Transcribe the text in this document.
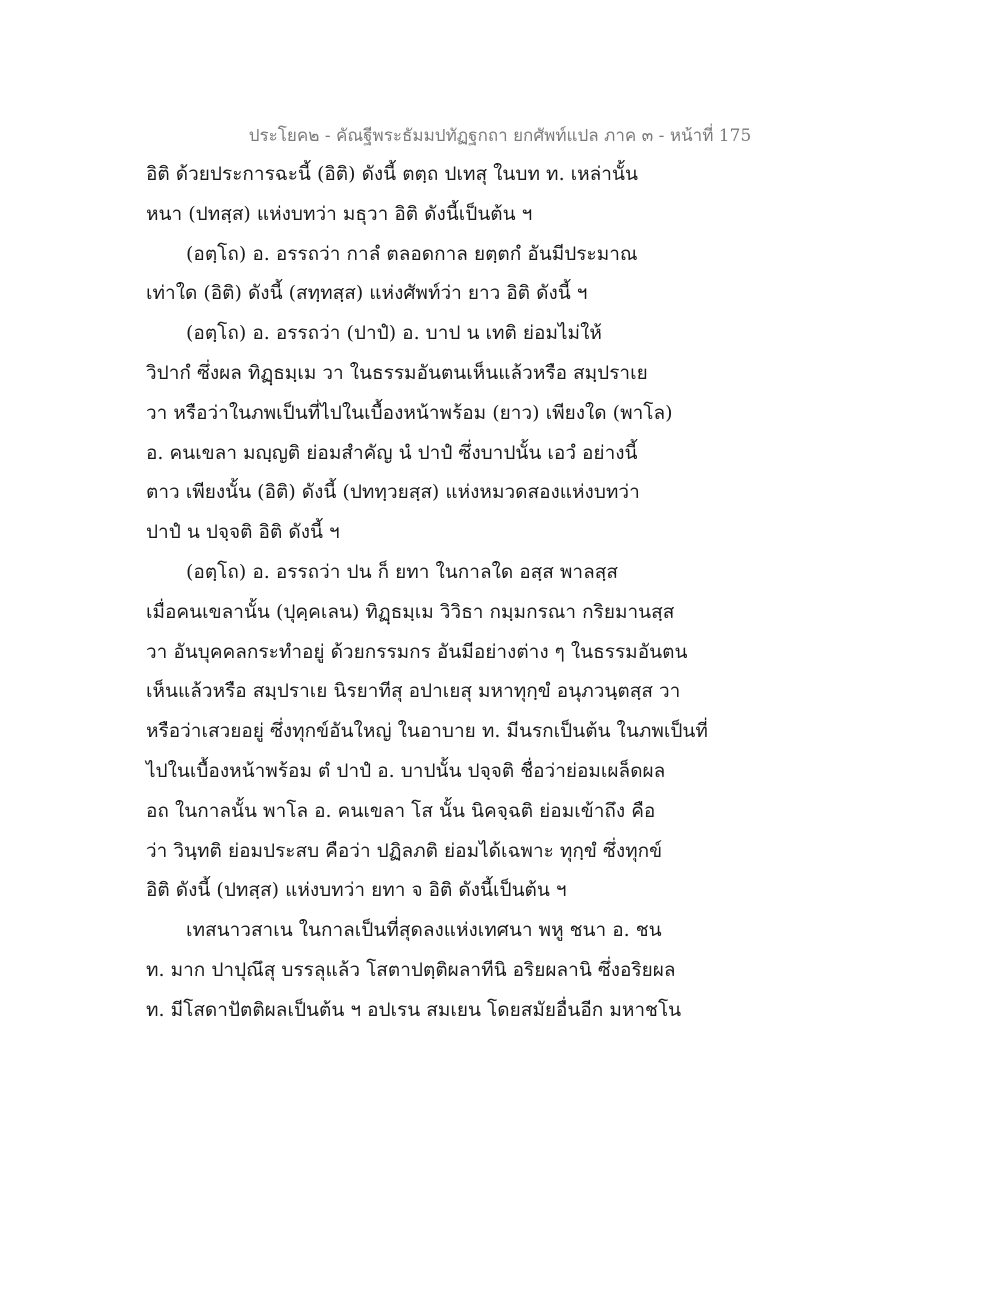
ประโยค๒ - คัณฐีพระธัมมปทัฏฐกถา ยกศัพท์แปล ภาค ๓ - หน้าที่ 175
อิติ ด้วยประการฉะนี้ (อิติ) ดังนี้ ตตฺถ ปเทสุ ในบท ท. เหล่านั้น
หนา (ปทสฺส) แห่งบทว่า มธุวา อิติ ดังนี้เป็นต้น ฯ
(อตฺโถ) อ. อรรถว่า กาลํ ตลอดกาล ยตฺตกํ อันมีประมาณ
เท่าใด (อิติ) ดังนี้ (สทฺทสฺส) แห่งศัพท์ว่า ยาว อิติ ดังนี้ ฯ
(อตฺโถ) อ. อรรถว่า (ปาปํ) อ. บาป น เทติ ย่อมไม่ให้
วิปากํ ซึ่งผล ทิฏฺธมฺเม วา ในธรรมอันตนเห็นแล้วหรือ สมฺปราเย
วา หรือว่าในภพเป็นที่ไปในเบื้องหน้าพร้อม (ยาว) เพียงใด (พาโล)
อ. คนเขลา มญฺญติ ย่อมสำคัญ นํ ปาปํ ซึ่งบาปนั้น เอวํ อย่างนี้
ตาว เพียงนั้น (อิติ) ดังนี้ (ปททฺวยสฺส) แห่งหมวดสองแห่งบทว่า
ปาปํ น ปจฺจติ อิติ ดังนี้ ฯ
(อตฺโถ) อ. อรรถว่า ปน ก็ ยทา ในกาลใด อสฺส พาลสฺส
เมื่อคนเขลานั้น (ปุคฺคเลน) ทิฏฺธมฺเม วิวิธา กมฺมกรณา กริยมานสฺส
วา อันบุคคลกระทำอยู่ ด้วยกรรมกร อันมีอย่างต่าง ๆ ในธรรมอันตน
เห็นแล้วหรือ สมฺปราเย นิรยาทีสุ อปาเยสุ มหาทุกฺขํ อนุภวนฺตสฺส วา
หรือว่าเสวยอยู่ ซึ่งทุกข์อันใหญ่ ในอาบาย ท. มีนรกเป็นต้น ในภพเป็นที่
ไปในเบื้องหน้าพร้อม ตํ ปาปํ อ. บาปนั้น ปจฺจติ ชื่อว่าย่อมเผล็ดผล
อถ ในกาลนั้น พาโล อ. คนเขลา โส นั้น นิคจฺฉติ ย่อมเข้าถึง คือ
ว่า วินฺทติ ย่อมประสบ คือว่า ปฏิลภติ ย่อมได้เฉพาะ ทุกฺขํ ซึ่งทุกข์
อิติ ดังนี้ (ปทสฺส) แห่งบทว่า ยทา จ อิติ ดังนี้เป็นต้น ฯ
เทสนาวสาเน ในกาลเป็นที่สุดลงแห่งเทศนา พหู ชนา อ. ชน
ท. มาก ปาปุณึสุ บรรลุแล้ว โสตาปตฺติผลาทีนิ อริยผลานิ ซึ่งอริยผล
ท. มีโสดาปัตติผลเป็นต้น ฯ อปเรน สมเยน โดยสมัยอื่นอีก มหาชโน
